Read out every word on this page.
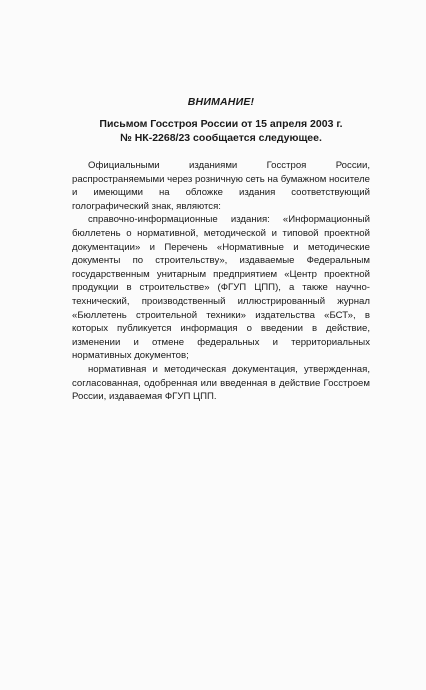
ВНИМАНИЕ!
Письмом Госстроя России от 15 апреля 2003 г.
№ НК-2268/23 сообщается следующее.

Официальными изданиями Госстроя России, распространяемыми через розничную сеть на бумажном носителе и имеющими на обложке издания соответствующий голографический знак, являются:

справочно-информационные издания: «Информационный бюллетень о нормативной, методической и типовой проектной документации» и Перечень «Нормативные и методические документы по строительству», издаваемые Федеральным государственным унитарным предприятием «Центр проектной продукции в строительстве» (ФГУП ЦПП), а также научно-технический, производственный иллюстрированный журнал «Бюллетень строительной техники» издательства «БСТ», в которых публикуется информация о введении в действие, изменении и отмене федеральных и территориальных нормативных документов;

нормативная и методическая документация, утвержденная, согласованная, одобренная или введенная в действие Госстроем России, издаваемая ФГУП ЦПП.
